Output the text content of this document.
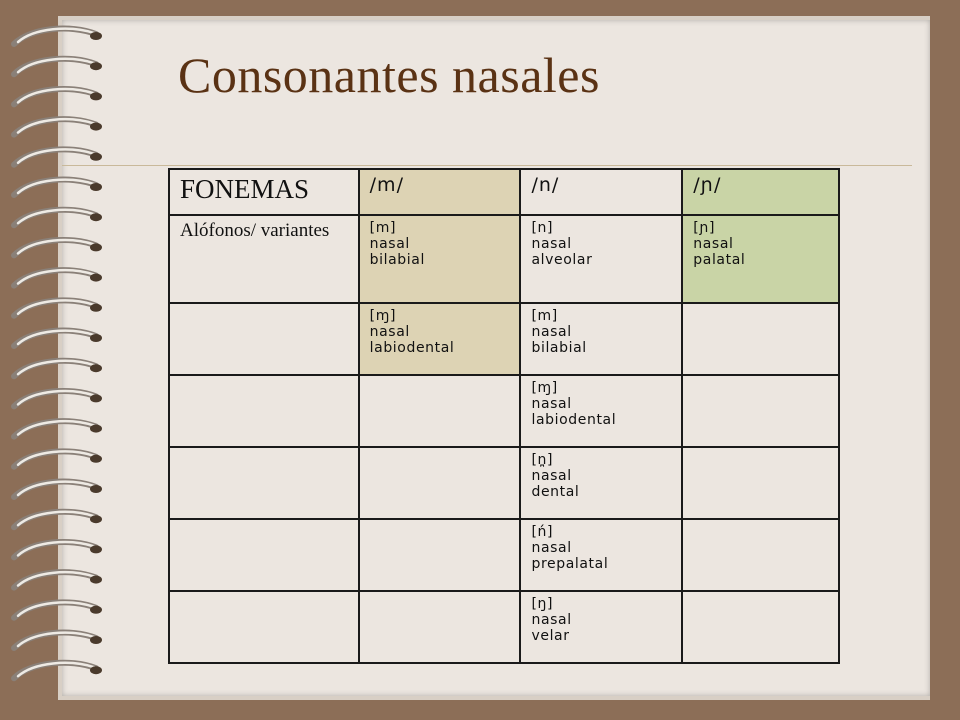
Consonantes nasales
FONEMAS	/m/	/n/	/ɲ/
Alófonos/ variantes	[m]
nasal
bilabial	[n]
nasal
alveolar	[ɲ]
nasal
palatal

	[ɱ]
nasal
labiodental	[m]
nasal
bilabial	

		[ɱ]
nasal
labiodental	

		[n̪]
nasal
dental	

		[ń]
nasal
prepalatal	

		[ŋ]
nasal
velar	
